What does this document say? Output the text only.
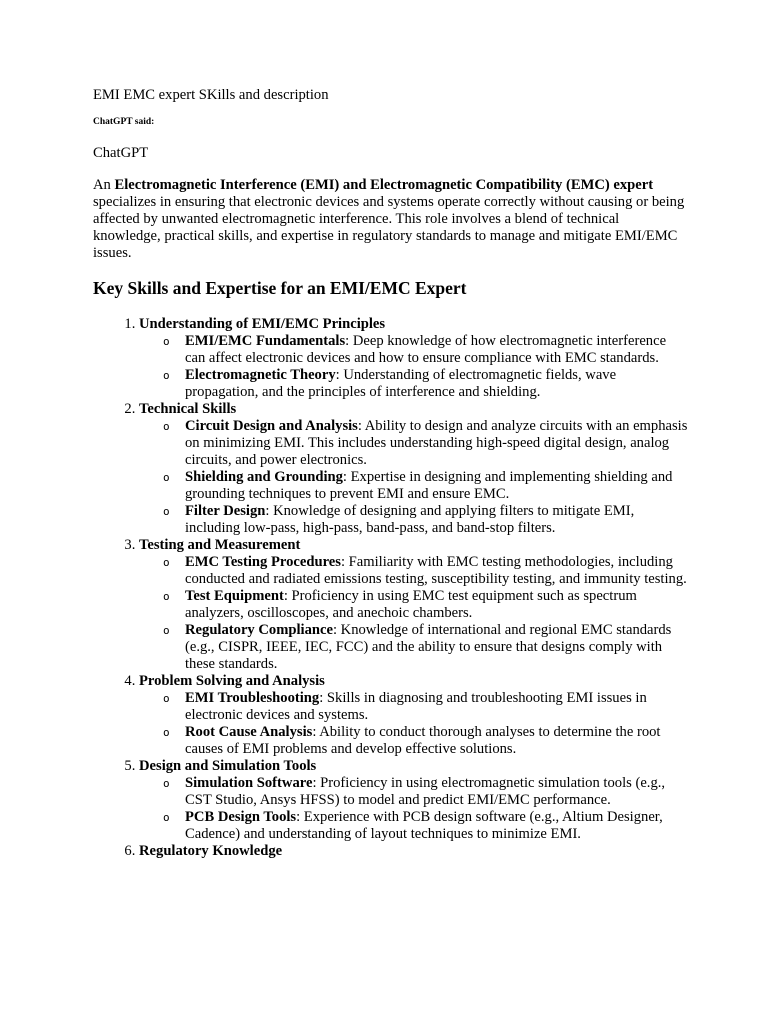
EMI EMC expert SKills and description

ChatGPT said:

ChatGPT

An Electromagnetic Interference (EMI) and Electromagnetic Compatibility (EMC) expert specializes in ensuring that electronic devices and systems operate correctly without causing or being affected by unwanted electromagnetic interference. This role involves a blend of technical knowledge, practical skills, and expertise in regulatory standards to manage and mitigate EMI/EMC issues.

Key Skills and Expertise for an EMI/EMC Expert
1. Understanding of EMI/EMC Principles
o EMI/EMC Fundamentals: Deep knowledge of how electromagnetic interference can affect electronic devices and how to ensure compliance with EMC standards.
o Electromagnetic Theory: Understanding of electromagnetic fields, wave propagation, and the principles of interference and shielding.
2. Technical Skills
o Circuit Design and Analysis: Ability to design and analyze circuits with an emphasis on minimizing EMI. This includes understanding high-speed digital design, analog circuits, and power electronics.
o Shielding and Grounding: Expertise in designing and implementing shielding and grounding techniques to prevent EMI and ensure EMC.
o Filter Design: Knowledge of designing and applying filters to mitigate EMI, including low-pass, high-pass, band-pass, and band-stop filters.
3. Testing and Measurement
o EMC Testing Procedures: Familiarity with EMC testing methodologies, including conducted and radiated emissions testing, susceptibility testing, and immunity testing.
o Test Equipment: Proficiency in using EMC test equipment such as spectrum analyzers, oscilloscopes, and anechoic chambers.
o Regulatory Compliance: Knowledge of international and regional EMC standards (e.g., CISPR, IEEE, IEC, FCC) and the ability to ensure that designs comply with these standards.
4. Problem Solving and Analysis
o EMI Troubleshooting: Skills in diagnosing and troubleshooting EMI issues in electronic devices and systems.
o Root Cause Analysis: Ability to conduct thorough analyses to determine the root causes of EMI problems and develop effective solutions.
5. Design and Simulation Tools
o Simulation Software: Proficiency in using electromagnetic simulation tools (e.g., CST Studio, Ansys HFSS) to model and predict EMI/EMC performance.
o PCB Design Tools: Experience with PCB design software (e.g., Altium Designer, Cadence) and understanding of layout techniques to minimize EMI.
6. Regulatory Knowledge
